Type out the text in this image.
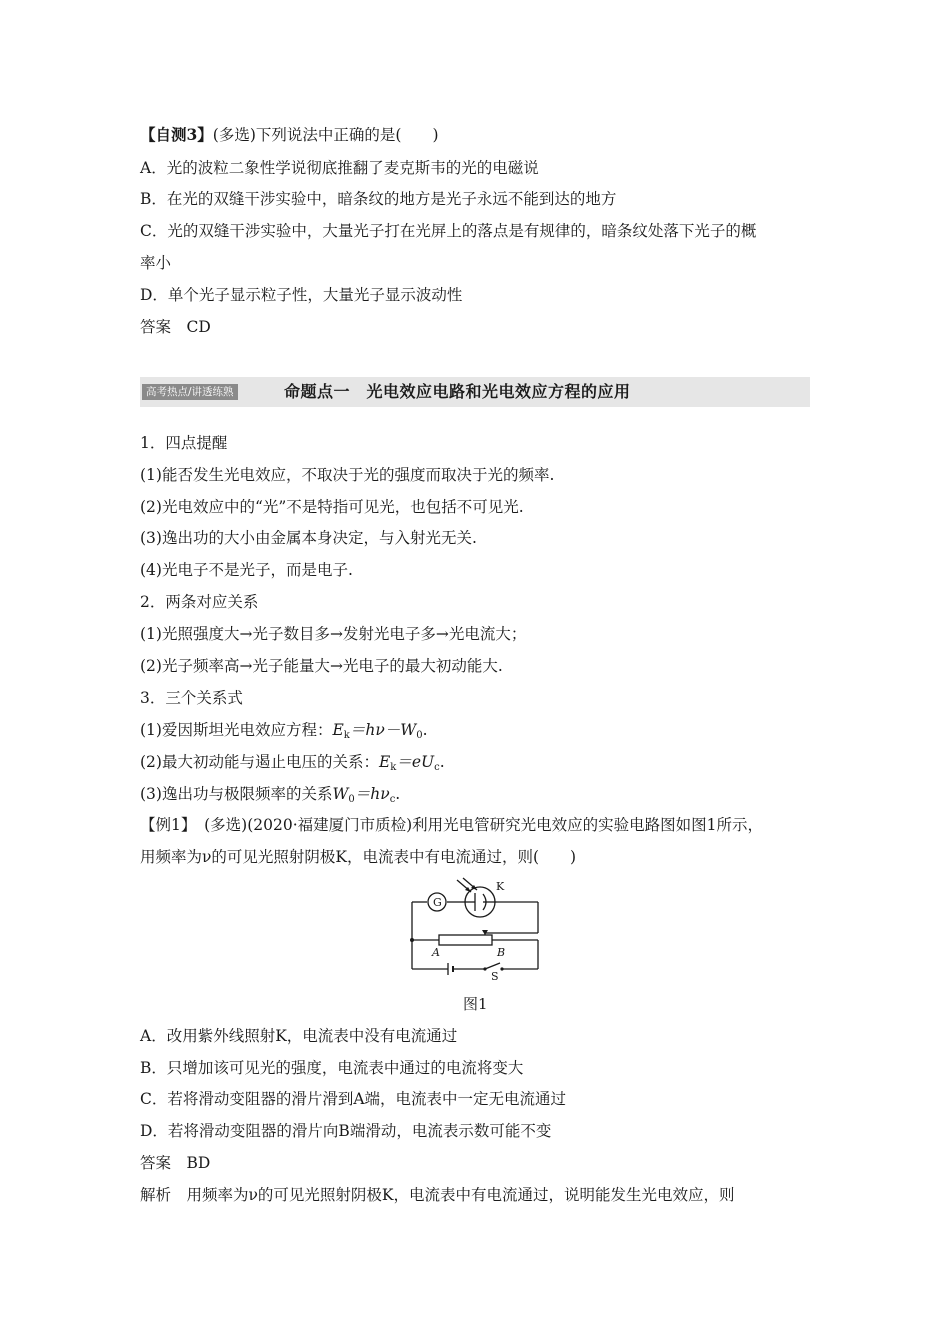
【自测3】(多选)下列说法中正确的是(　　)
A．光的波粒二象性学说彻底推翻了麦克斯韦的光的电磁说
B．在光的双缝干涉实验中，暗条纹的地方是光子永远不能到达的地方
C．光的双缝干涉实验中，大量光子打在光屏上的落点是有规律的，暗条纹处落下光子的概
率小
D．单个光子显示粒子性，大量光子显示波动性
答案　CD
高考热点/讲透练熟	命题点一　光电效应电路和光电效应方程的应用
1．四点提醒
(1)能否发生光电效应，不取决于光的强度而取决于光的频率.
(2)光电效应中的“光”不是特指可见光，也包括不可见光.
(3)逸出功的大小由金属本身决定，与入射光无关.
(4)光电子不是光子，而是电子.
2．两条对应关系
(1)光照强度大→光子数目多→发射光电子多→光电流大；
(2)光子频率高→光子能量大→光电子的最大初动能大.
3．三个关系式
(1)爱因斯坦光电效应方程：$E_k=h\nu-W_0$.
(2)最大初动能与遏止电压的关系：$E_k=eU_c$.
(3)逸出功与极限频率的关系$W_0=h\nu_c$.
【例1】　(多选)(2020·福建厦门市质检)利用光电管研究光电效应的实验电路图如图1所示，
用频率为ν的可见光照射阴极K，电流表中有电流通过，则(　　)
G
K
A	B
S
图1
A．改用紫外线照射K，电流表中没有电流通过
B．只增加该可见光的强度，电流表中通过的电流将变大
C．若将滑动变阻器的滑片滑到A端，电流表中一定无电流通过
D．若将滑动变阻器的滑片向B端滑动，电流表示数可能不变
答案　BD
解析　用频率为ν的可见光照射阴极K，电流表中有电流通过，说明能发生光电效应，则
